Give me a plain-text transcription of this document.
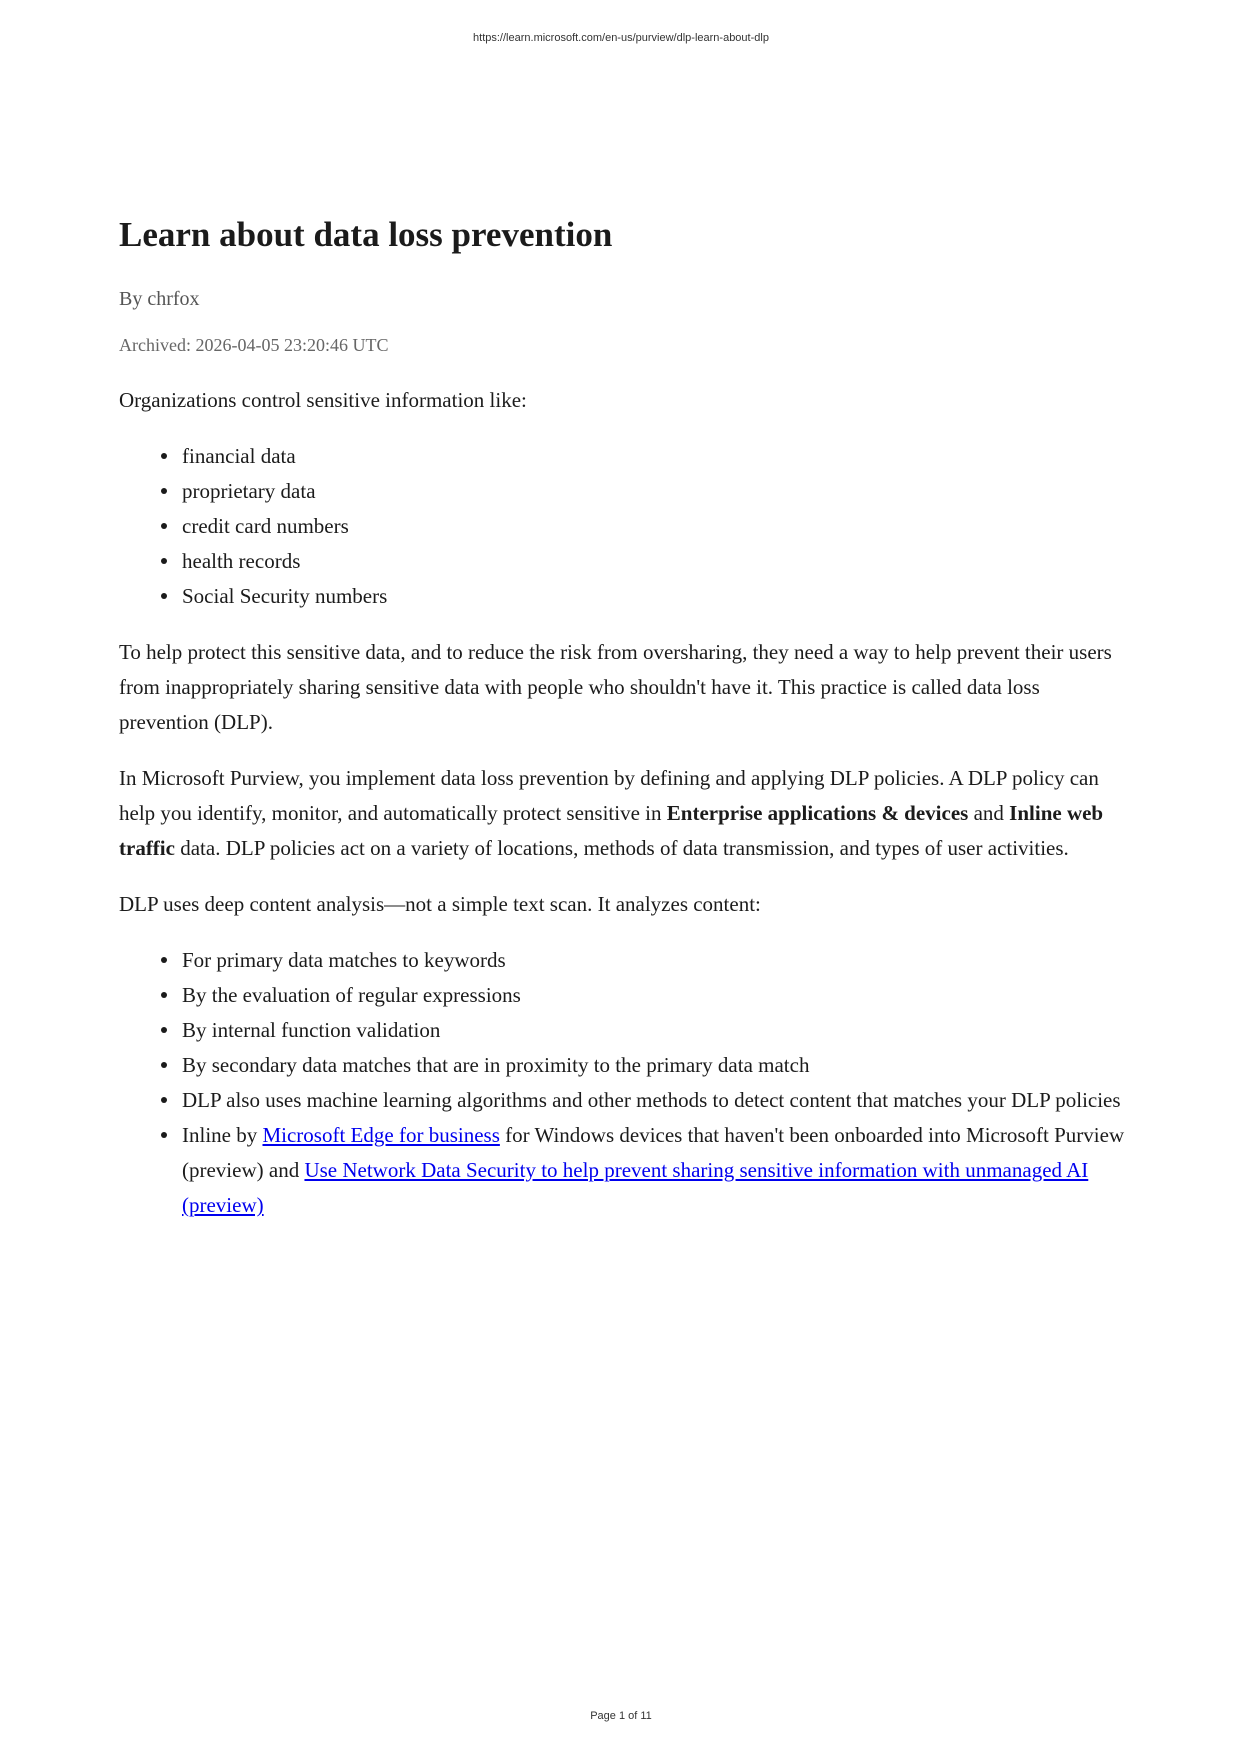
https://learn.microsoft.com/en-us/purview/dlp-learn-about-dlp
Learn about data loss prevention
By chrfox
Archived: 2026-04-05 23:20:46 UTC

Organizations control sensitive information like:

financial data
proprietary data
credit card numbers
health records
Social Security numbers

To help protect this sensitive data, and to reduce the risk from oversharing, they need a way to help prevent their users from inappropriately sharing sensitive data with people who shouldn't have it. This practice is called data loss prevention (DLP).

In Microsoft Purview, you implement data loss prevention by defining and applying DLP policies. A DLP policy can help you identify, monitor, and automatically protect sensitive in Enterprise applications & devices and Inline web traffic data. DLP policies act on a variety of locations, methods of data transmission, and types of user activities.

DLP uses deep content analysis—not a simple text scan. It analyzes content:

For primary data matches to keywords
By the evaluation of regular expressions
By internal function validation
By secondary data matches that are in proximity to the primary data match
DLP also uses machine learning algorithms and other methods to detect content that matches your DLP policies
Inline by Microsoft Edge for business for Windows devices that haven't been onboarded into Microsoft Purview (preview) and Use Network Data Security to help prevent sharing sensitive information with unmanaged AI (preview)
Page 1 of 11
